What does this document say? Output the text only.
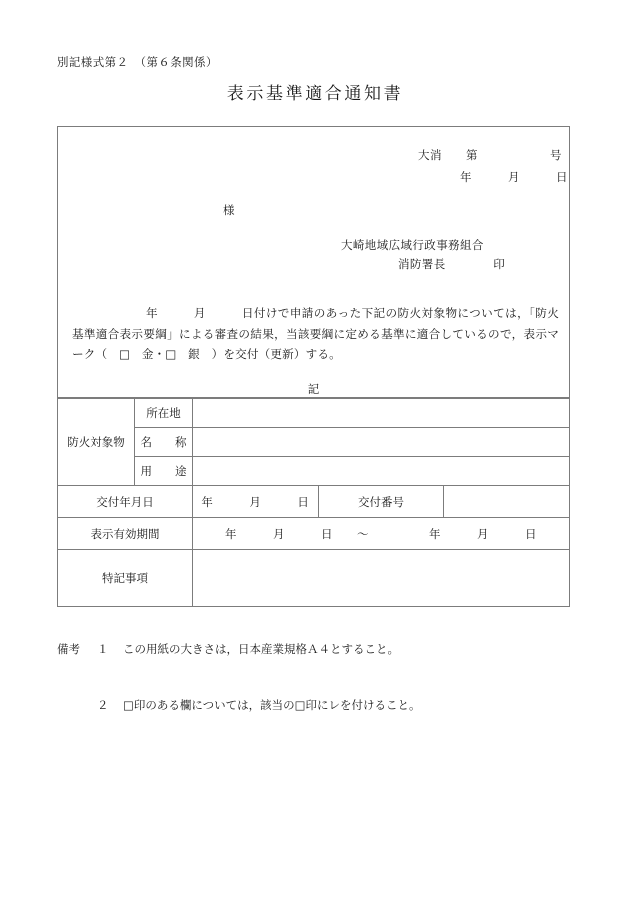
別記様式第２　（第６条関係）
表示基準適合通知書
大消　　第　　　　　　号
年　　　月　　　日
様
大崎地域広域行政事務組合
消防署長　　　　印
年　　　月　　　日付けで申請のあった下記の防火対象物については，「防火基準適合表示要綱」による審査の結果，当該要綱に定める基準に適合しているので，表示マーク（　□　金・□　銀　）を交付（更新）する。
記
防火対象物	所在地			
	名　　称			
	用　　途			
交付年月日		年　　　月　　　日	交付番号	
表示有効期間		年　　　月　　　日　　～　　　　　年　　　月　　　日		
特記事項				

備考 １ この用紙の大きさは，日本産業規格Ａ４とすること。

２ □印のある欄については，該当の□印にレを付けること。
